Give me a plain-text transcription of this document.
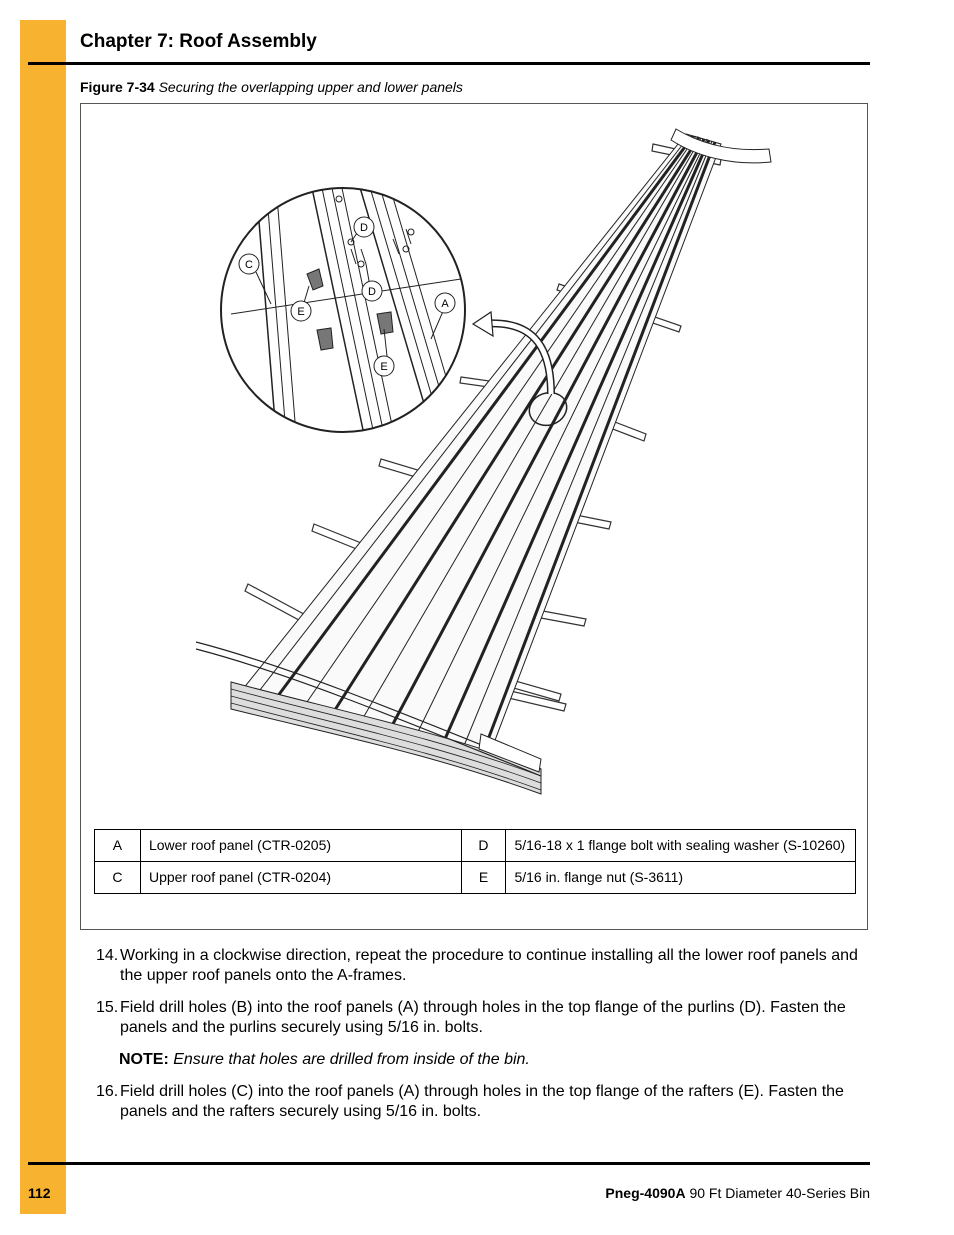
Chapter 7: Roof Assembly
Figure 7-34 Securing the overlapping upper and lower panels
C
E
D
D
A
E
A	Lower roof panel (CTR-0205)	D	5/16-18 x 1 flange bolt with sealing washer (S-10260)
C	Upper roof panel (CTR-0204)	E	5/16 in. flange nut (S-3611)
14. Working in a clockwise direction, repeat the procedure to continue installing all the lower roof panels and the upper roof panels onto the A-frames.
15. Field drill holes (B) into the roof panels (A) through holes in the top flange of the purlins (D). Fasten the panels and the purlins securely using 5/16 in. bolts.
NOTE: Ensure that holes are drilled from inside of the bin.
16. Field drill holes (C) into the roof panels (A) through holes in the top flange of the rafters (E). Fasten the panels and the rafters securely using 5/16 in. bolts.
112	Pneg-4090A 90 Ft Diameter 40-Series Bin
